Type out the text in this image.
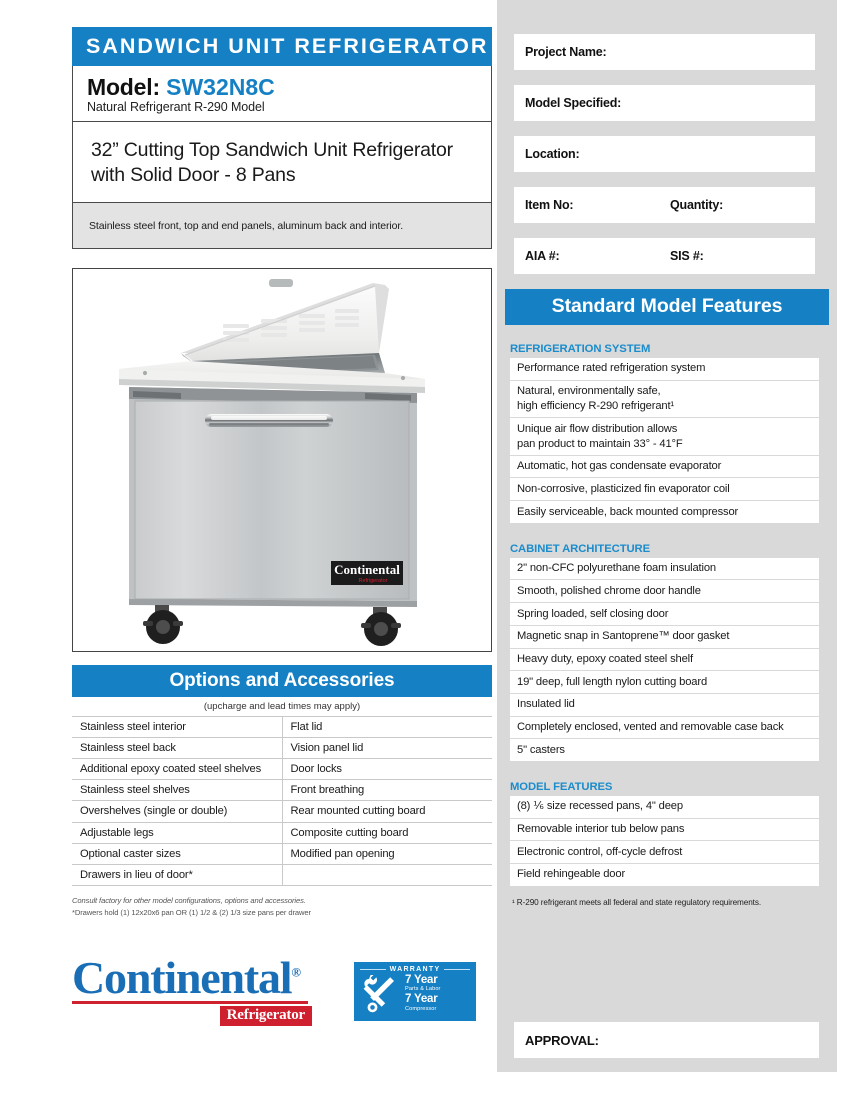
SANDWICH UNIT REFRIGERATOR
Model: SW32N8C
Natural Refrigerant R-290 Model
32” Cutting Top Sandwich Unit Refrigerator with Solid Door - 8 Pans
Stainless steel front, top and end panels, aluminum back and interior.
Continental
Refrigerator
Options and Accessories
(upcharge and lead times may apply)
Stainless steel interior	Flat lid
Stainless steel back	Vision panel lid
Additional epoxy coated steel shelves	Door locks
Stainless steel shelves	Front breathing
Overshelves (single or double)	Rear mounted cutting board
Adjustable legs	Composite cutting board
Optional caster sizes	Modified pan opening
Drawers in lieu of door*	
Consult factory for other model configurations, options and accessories.
*Drawers hold (1) 12x20x6 pan OR (1) 1/2 & (2) 1/3 size pans per drawer
Continental®
Refrigerator
WARRANTY
7 Year
Parts & Labor
7 Year
Compressor
Project Name:
Model Specified:
Location:
Item No:	Quantity:
AIA #:	SIS #:
Standard Model Features
REFRIGERATION SYSTEM
Performance rated refrigeration system
Natural, environmentally safe,
high efficiency R-290 refrigerant¹
Unique air flow distribution allows
pan product to maintain 33° - 41°F
Automatic, hot gas condensate evaporator
Non-corrosive, plasticized fin evaporator coil
Easily serviceable, back mounted compressor
CABINET ARCHITECTURE
2" non-CFC polyurethane foam insulation
Smooth, polished chrome door handle
Spring loaded, self closing door
Magnetic snap in Santoprene™ door gasket
Heavy duty, epoxy coated steel shelf
19" deep, full length nylon cutting board
Insulated lid
Completely enclosed, vented and removable case back
5" casters
MODEL FEATURES
(8) ⅙ size recessed pans, 4" deep
Removable interior tub below pans
Electronic control, off-cycle defrost
Field rehingeable door
¹ R-290 refrigerant meets all federal and state regulatory requirements.
APPROVAL:
